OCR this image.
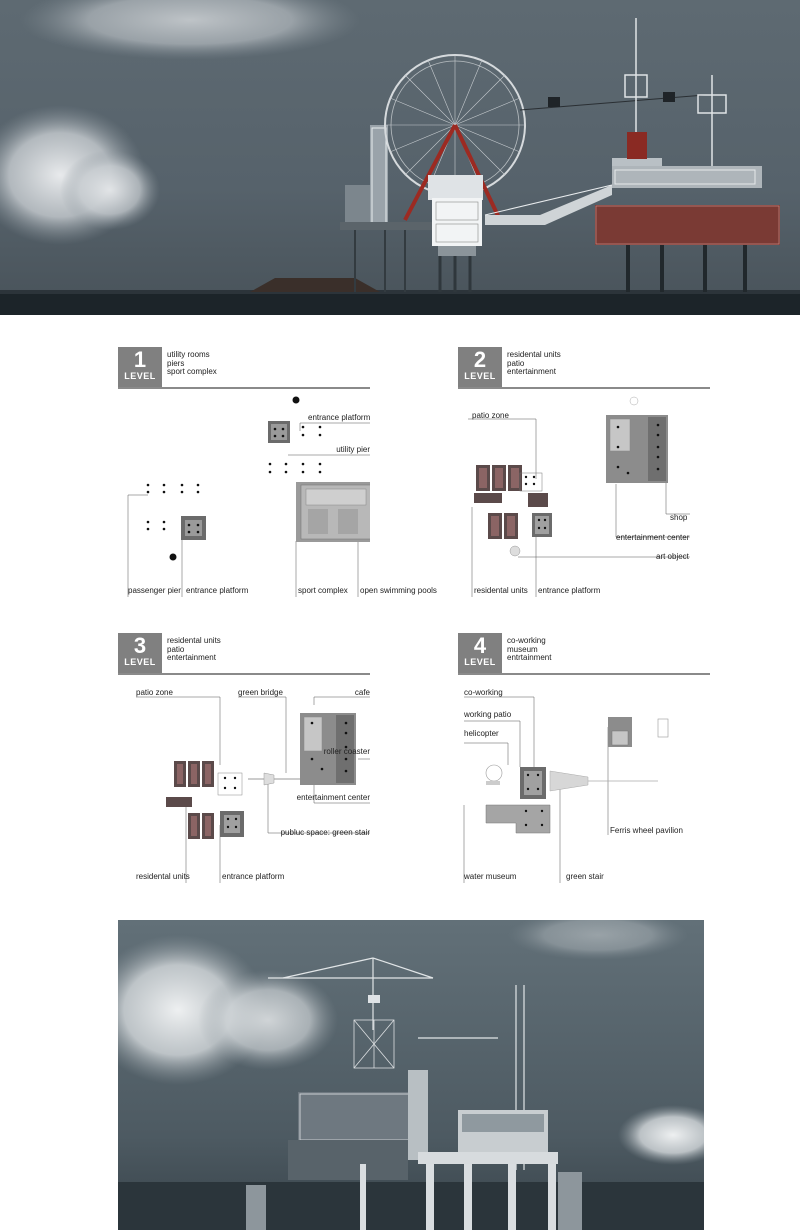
1
LEVEL
utility rooms
piers
sport complex
entrance platform
utility pier
passenger pier entrance platform	sport complex open swimming pools
2
LEVEL
residental units
patio
entertainment
patio zone
shop
entertainment center
art object
residental units entrance platform
3
LEVEL
residental units
patio
entertainment
patio zone	green bridge	cafe
roller coaster
entertainment center
publuc space: green stair
residental units	entrance platform
4
LEVEL
co-working
museum
entrtainment
co-working
working patio
helicopter
Ferris wheel pavilion
water museum	green stair
